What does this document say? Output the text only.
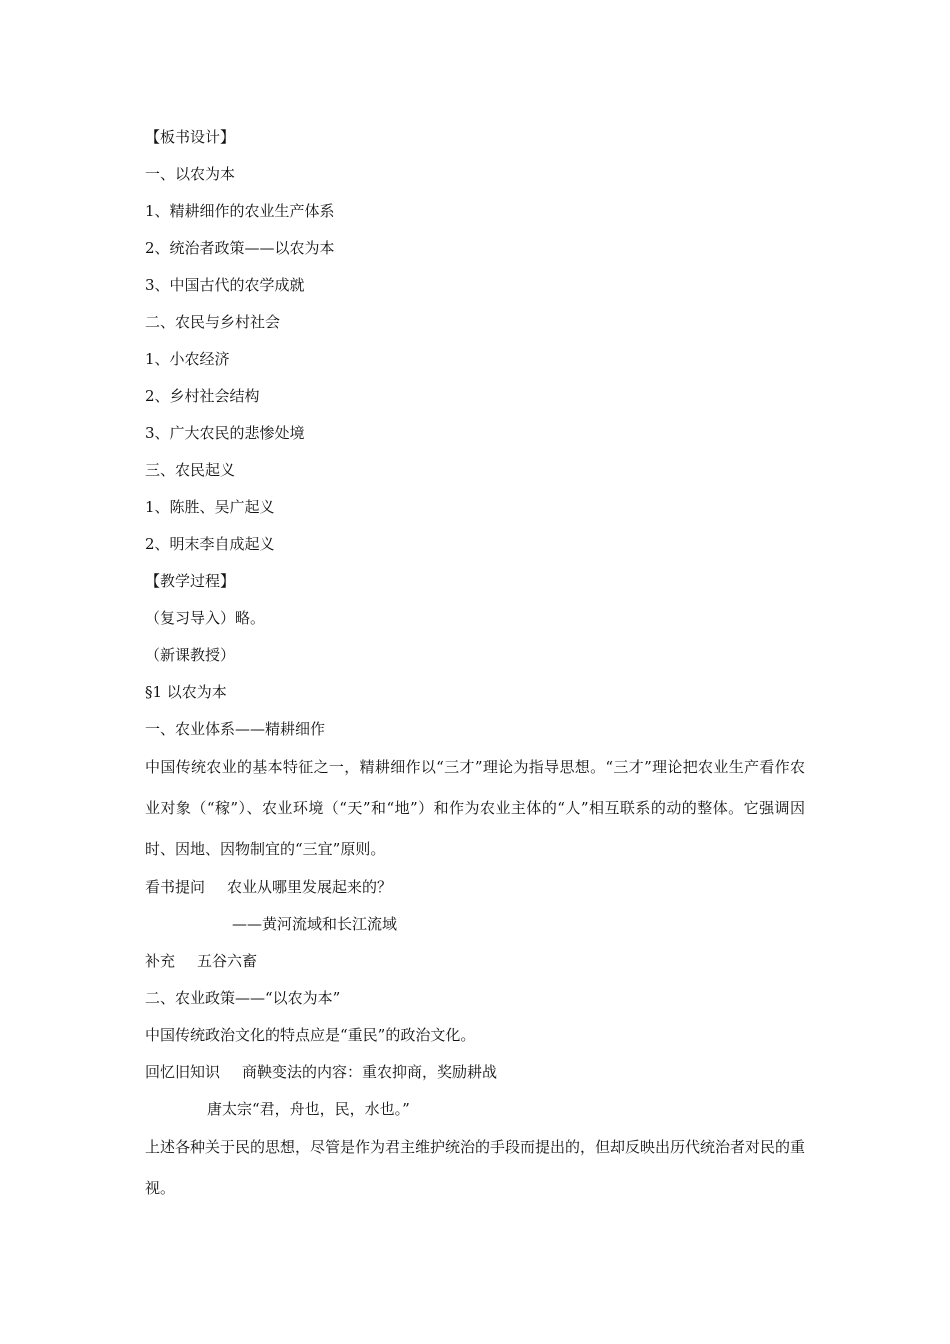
【板书设计】
一、以农为本
1、精耕细作的农业生产体系
2、统治者政策——以农为本
3、中国古代的农学成就
二、农民与乡村社会
1、小农经济
2、乡村社会结构
3、广大农民的悲惨处境
三、农民起义
1、陈胜、吴广起义
2、明末李自成起义
【教学过程】
（复习导入）略。
（新课教授）
§1 以农为本
一、农业体系——精耕细作
中国传统农业的基本特征之一，精耕细作以“三才”理论为指导思想。“三才”理论把农业生产看作农业对象（“稼”）、农业环境（“天”和“地”）和作为农业主体的“人”相互联系的动的整体。它强调因时、因地、因物制宜的“三宜”原则。
看书提问 农业从哪里发展起来的？
——黄河流域和长江流域
补充 五谷六畜
二、农业政策——“以农为本”
中国传统政治文化的特点应是“重民”的政治文化。
回忆旧知识 商鞅变法的内容：重农抑商，奖励耕战
唐太宗“君，舟也，民，水也。”
上述各种关于民的思想，尽管是作为君主维护统治的手段而提出的，但却反映出历代统治者对民的重视。
